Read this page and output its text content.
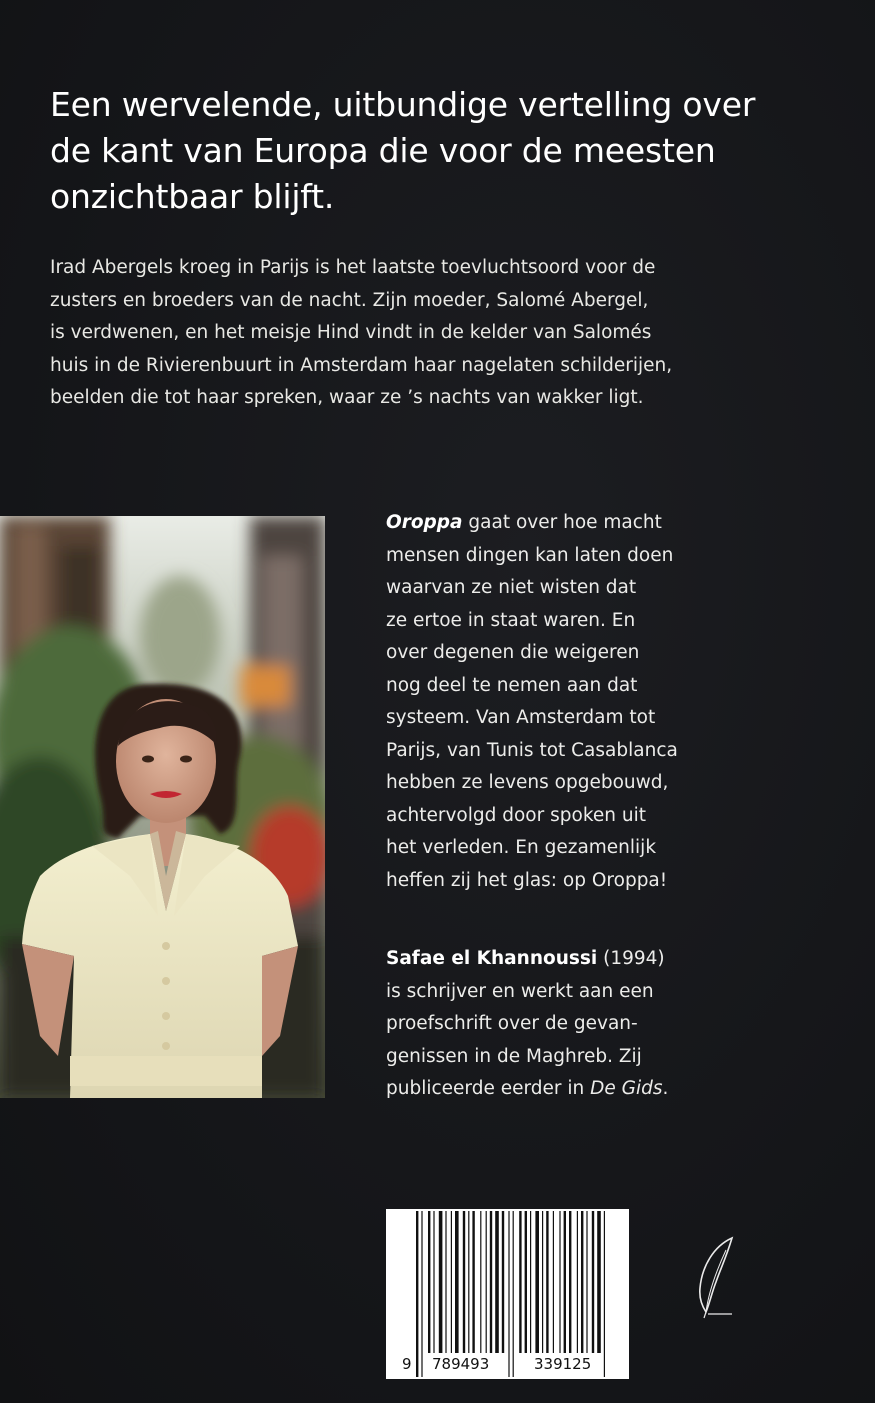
Een wervelende, uitbundige vertelling over
de kant van Europa die voor de meesten
onzichtbaar blijft.
Irad Abergels kroeg in Parijs is het laatste toevluchtsoord voor de
zusters en broeders van de nacht. Zijn moeder, Salomé Abergel,
is verdwenen, en het meisje Hind vindt in de kelder van Salomés
huis in de Rivierenbuurt in Amsterdam haar nagelaten schilderijen,
beelden die tot haar spreken, waar ze ’s nachts van wakker ligt.
Oroppa gaat over hoe macht
mensen dingen kan laten doen
waarvan ze niet wisten dat
ze ertoe in staat waren. En
over degenen die weigeren
nog deel te nemen aan dat
systeem. Van Amsterdam tot
Parijs, van Tunis tot Casablanca
hebben ze levens opgebouwd,
achtervolgd door spoken uit
het verleden. En gezamenlijk
heffen zij het glas: op Oroppa!
Safae el Khannoussi (1994)
is schrijver en werkt aan een
proefschrift over de gevan-
genissen in de Maghreb. Zij
publiceerde eerder in De Gids.
9 789493	339125
